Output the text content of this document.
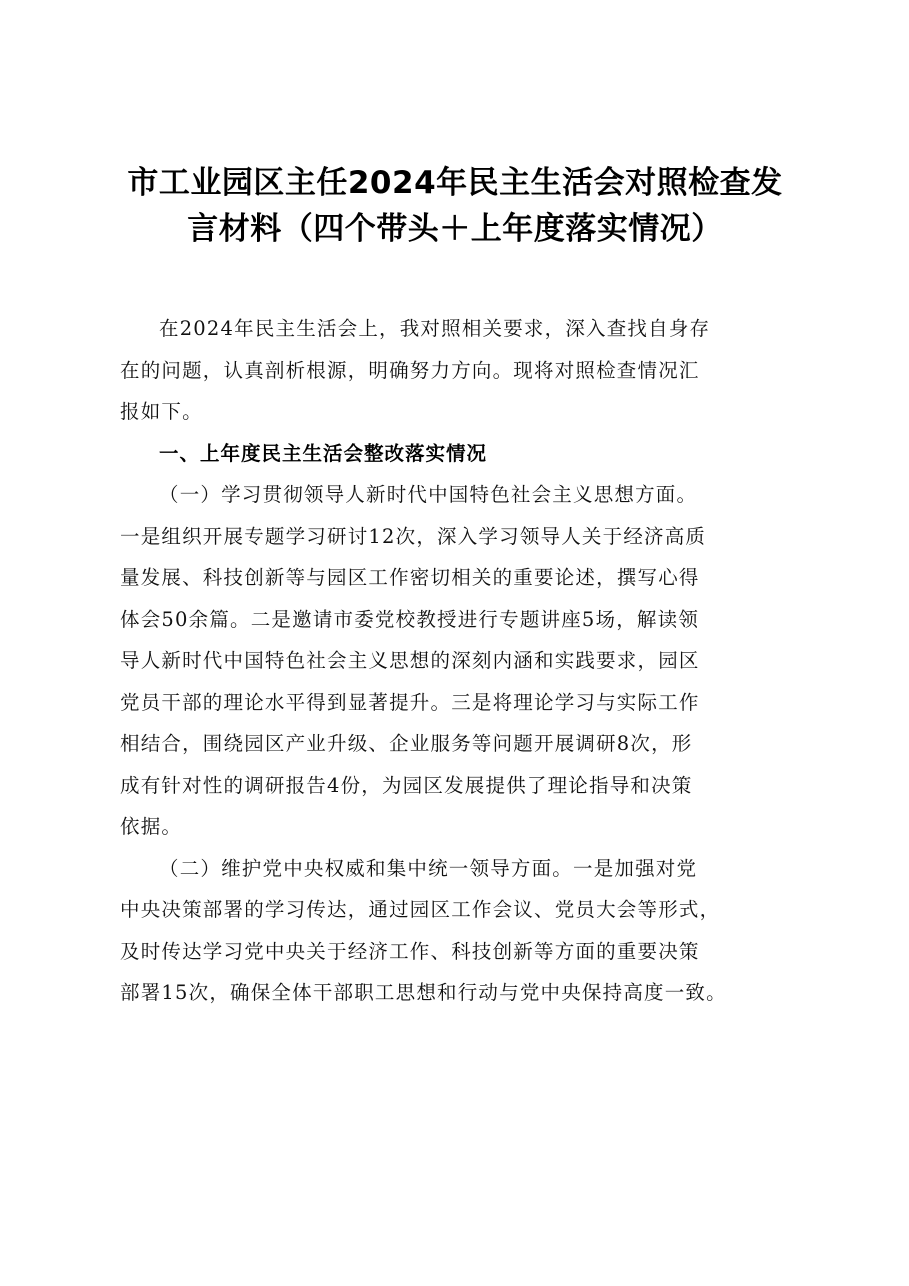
市工业园区主任2024年民主生活会对照检查发
言材料（四个带头＋上年度落实情况）
在2024年民主生活会上，我对照相关要求，深入查找自身存
在的问题，认真剖析根源，明确努力方向。现将对照检查情况汇
报如下。
一、上年度民主生活会整改落实情况
（一）学习贯彻领导人新时代中国特色社会主义思想方面。
一是组织开展专题学习研讨12次，深入学习领导人关于经济高质
量发展、科技创新等与园区工作密切相关的重要论述，撰写心得
体会50余篇。二是邀请市委党校教授进行专题讲座5场，解读领
导人新时代中国特色社会主义思想的深刻内涵和实践要求，园区
党员干部的理论水平得到显著提升。三是将理论学习与实际工作
相结合，围绕园区产业升级、企业服务等问题开展调研8次，形
成有针对性的调研报告4份，为园区发展提供了理论指导和决策
依据。
（二）维护党中央权威和集中统一领导方面。一是加强对党
中央决策部署的学习传达，通过园区工作会议、党员大会等形式，
及时传达学习党中央关于经济工作、科技创新等方面的重要决策
部署15次，确保全体干部职工思想和行动与党中央保持高度一致。
